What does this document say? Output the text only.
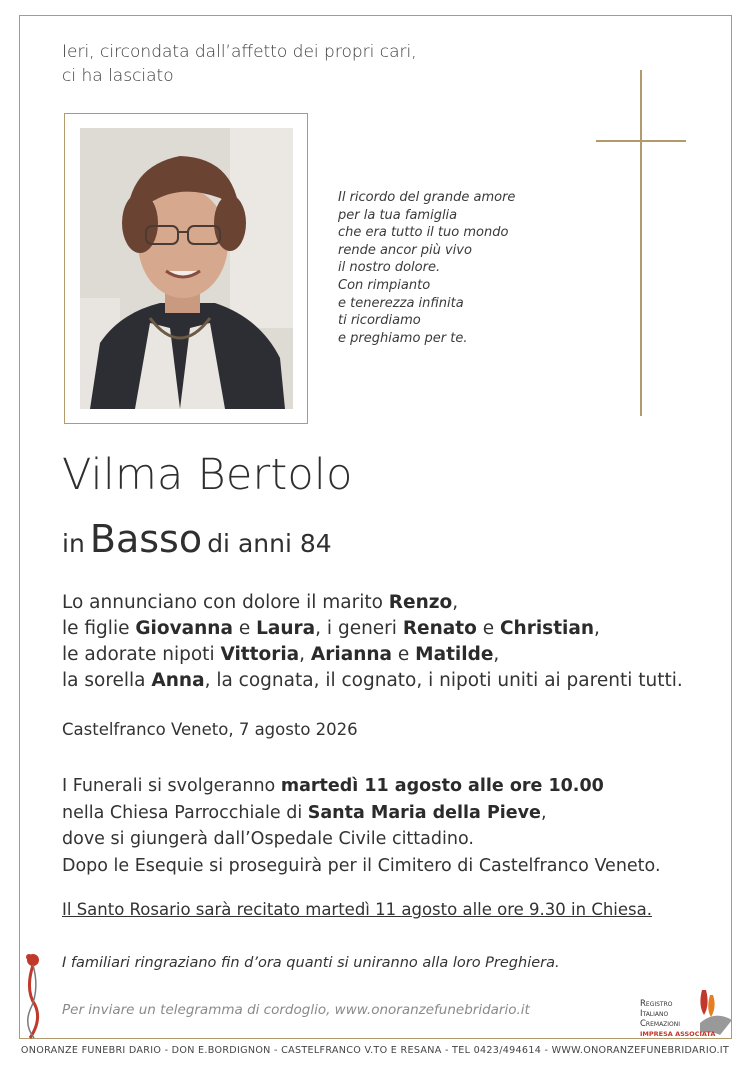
Ieri, circondata dall’affetto dei propri cari,
ci ha lasciato
Il ricordo del grande amore
per la tua famiglia
che era tutto il tuo mondo
rende ancor più vivo
il nostro dolore.
Con rimpianto
e tenerezza infinita
ti ricordiamo
e preghiamo per te.
Vilma Bertolo
in Basso di anni 84
Lo annunciano con dolore il marito Renzo,
le figlie Giovanna e Laura, i generi Renato e Christian,
le adorate nipoti Vittoria, Arianna e Matilde,
la sorella Anna, la cognata, il cognato, i nipoti uniti ai parenti tutti.
Castelfranco Veneto, 7 agosto 2026
I Funerali si svolgeranno martedì 11 agosto alle ore 10.00
nella Chiesa Parrocchiale di Santa Maria della Pieve,
dove si giungerà dall’Ospedale Civile cittadino.
Dopo le Esequie si proseguirà per il Cimitero di Castelfranco Veneto.
Il Santo Rosario sarà recitato martedì 11 agosto alle ore 9.30 in Chiesa.
I familiari ringraziano fin d’ora quanti si uniranno alla loro Preghiera.
Per inviare un telegramma di cordoglio, www.onoranzefunebridario.it	Registro
Italiano
Cremazioni
IMPRESA ASSOCIATA
ONORANZE FUNEBRI DARIO - DON E.BORDIGNON - CASTELFRANCO V.TO E RESANA - TEL 0423/494614 - WWW.ONORANZEFUNEBRIDARIO.IT
